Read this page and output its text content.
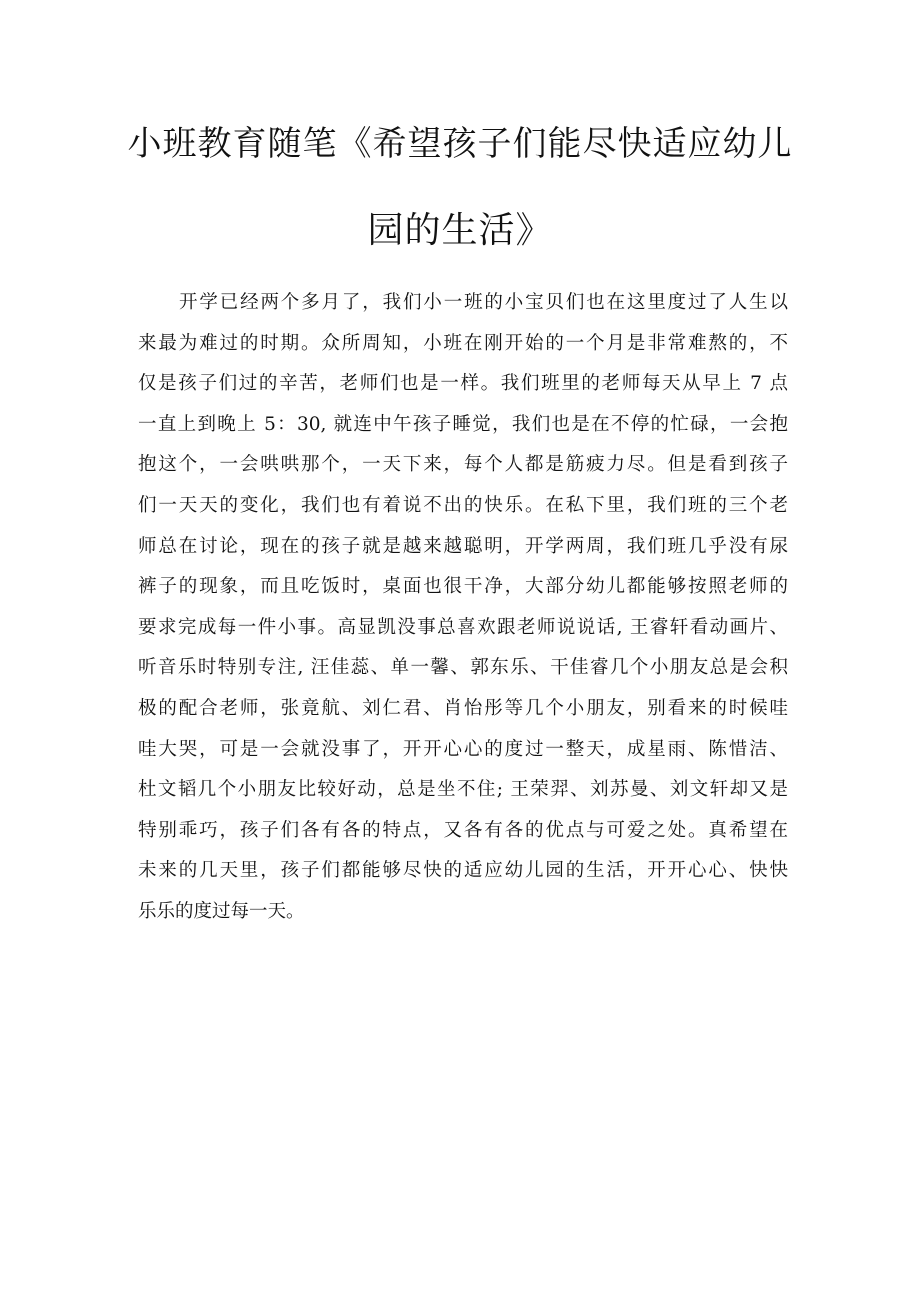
小班教育随笔《希望孩子们能尽快适应幼儿
园的生活》
开学已经两个多月了，我们小一班的小宝贝们也在这里度过了人生以
来最为难过的时期。众所周知，小班在刚开始的一个月是非常难熬的，不
仅是孩子们过的辛苦，老师们也是一样。我们班里的老师每天从早上 7 点
一直上到晚上 5：30, 就连中午孩子睡觉，我们也是在不停的忙碌，一会抱
抱这个，一会哄哄那个，一天下来，每个人都是筋疲力尽。但是看到孩子
们一天天的变化，我们也有着说不出的快乐。在私下里，我们班的三个老
师总在讨论，现在的孩子就是越来越聪明，开学两周，我们班几乎没有尿
裤子的现象，而且吃饭时，桌面也很干净，大部分幼儿都能够按照老师的
要求完成每一件小事。高显凯没事总喜欢跟老师说说话, 王睿轩看动画片、
听音乐时特别专注, 汪佳蕊、单一馨、郭东乐、干佳睿几个小朋友总是会积
极的配合老师，张竟航、刘仁君、肖怡彤等几个小朋友，别看来的时候哇
哇大哭，可是一会就没事了，开开心心的度过一整天，成星雨、陈惜洁、
杜文韬几个小朋友比较好动，总是坐不住; 王荣羿、刘苏曼、刘文轩却又是
特别乖巧，孩子们各有各的特点，又各有各的优点与可爱之处。真希望在
未来的几天里，孩子们都能够尽快的适应幼儿园的生活，开开心心、快快
乐乐的度过每一天。
